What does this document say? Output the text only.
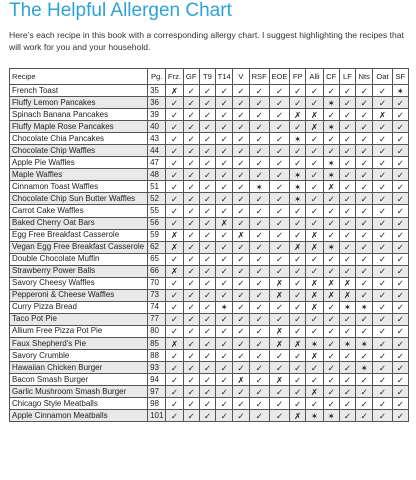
The Helpful Allergen Chart
Here’s each recipe in this book with a corresponding allergy chart. I suggest highlighting the recipes that will work for you and your household.
Recipe	Pg.	Frz.	GF	T9	T14	V	RSF	EOE	FP	Alli	CF	LF	Nts	Oat	SF
French Toast	35	✗	✓	✓	✓	✓	✓	✓	✓	✓	✓	✓	✓	✓	✶
Fluffy Lemon Pancakes	36	✓	✓	✓	✓	✓	✓	✓	✓	✓	✶	✓	✓	✓	✓
Spinach Banana Pancakes	39	✓	✓	✓	✓	✓	✓	✓	✗	✗	✓	✓	✓	✗	✓
Fluffy Maple Rose Pancakes	40	✓	✓	✓	✓	✓	✓	✓	✓	✗	✶	✓	✓	✓	✓
Chocolate Chia Pancakes	43	✓	✓	✓	✓	✓	✓	✓	✶	✓	✓	✓	✓	✓	✓
Chocolate Chip Waffles	44	✓	✓	✓	✓	✓	✓	✓	✓	✓	✓	✓	✓	✓	✓
Apple Pie Waffles	47	✓	✓	✓	✓	✓	✓	✓	✓	✓	✶	✓	✓	✓	✓
Maple Waffles	48	✓	✓	✓	✓	✓	✓	✓	✶	✓	✶	✓	✓	✓	✓
Cinnamon Toast Waffles	51	✓	✓	✓	✓	✓	✶	✓	✶	✓	✗	✓	✓	✓	✓
Chocolate Chip Sun Butter Waffles	52	✓	✓	✓	✓	✓	✓	✓	✶	✓	✓	✓	✓	✓	✓
Carrot Cake Waffles	55	✓	✓	✓	✓	✓	✓	✓	✓	✓	✓	✓	✓	✓	✓
Baked Cherry Oat Bars	56	✓	✓	✓	✗	✓	✓	✓	✓	✓	✓	✓	✓	✓	✓
Egg Free Breakfast Casserole	59	✗	✓	✓	✓	✗	✓	✓	✓	✗	✓	✓	✓	✓	✓
Vegan Egg Free Breakfast Casserole	62	✗	✓	✓	✓	✓	✓	✓	✗	✗	✶	✓	✓	✓	✓
Double Chocolate Muffin	65	✓	✓	✓	✓	✓	✓	✓	✓	✓	✓	✓	✓	✓	✓
Strawberry Power Balls	66	✗	✓	✓	✓	✓	✓	✓	✓	✓	✓	✓	✓	✓	✓
Savory Cheesy Waffles	70	✓	✓	✓	✓	✓	✓	✗	✓	✗	✗	✗	✓	✓	✓
Pepperoni & Cheese Waffles	73	✓	✓	✓	✓	✓	✓	✗	✓	✗	✗	✗	✓	✓	✓
Curry Pizza Bread	74	✓	✓	✓	✶	✓	✓	✓	✓	✗	✓	✶	✶	✓	✓
Taco Pot Pie	77	✓	✓	✓	✓	✓	✓	✓	✓	✓	✓	✓	✓	✓	✓
Allium Free Pizza Pot Pie	80	✓	✓	✓	✓	✓	✓	✗	✓	✓	✓	✓	✓	✓	✓
Faux Shepherd's Pie	85	✗	✓	✓	✓	✓	✓	✗	✗	✶	✓	✶	✶	✓	✓
Savory Crumble	88	✓	✓	✓	✓	✓	✓	✓	✓	✗	✓	✓	✓	✓	✓
Hawaiian Chicken Burger	93	✓	✓	✓	✓	✓	✓	✓	✓	✓	✓	✓	✶	✓	✓
Bacon Smash Burger	94	✓	✓	✓	✓	✗	✓	✗	✓	✓	✓	✓	✓	✓	✓
Garlic Mushroom Smash Burger	97	✓	✓	✓	✓	✓	✓	✓	✓	✗	✓	✓	✓	✓	✓
Chicago Style Meatballs	98	✓	✓	✓	✓	✓	✓	✓	✓	✓	✓	✓	✓	✓	✓
Apple Cinnamon Meatballs	101	✓	✓	✓	✓	✓	✓	✓	✗	✶	✶	✓	✓	✓	✓
